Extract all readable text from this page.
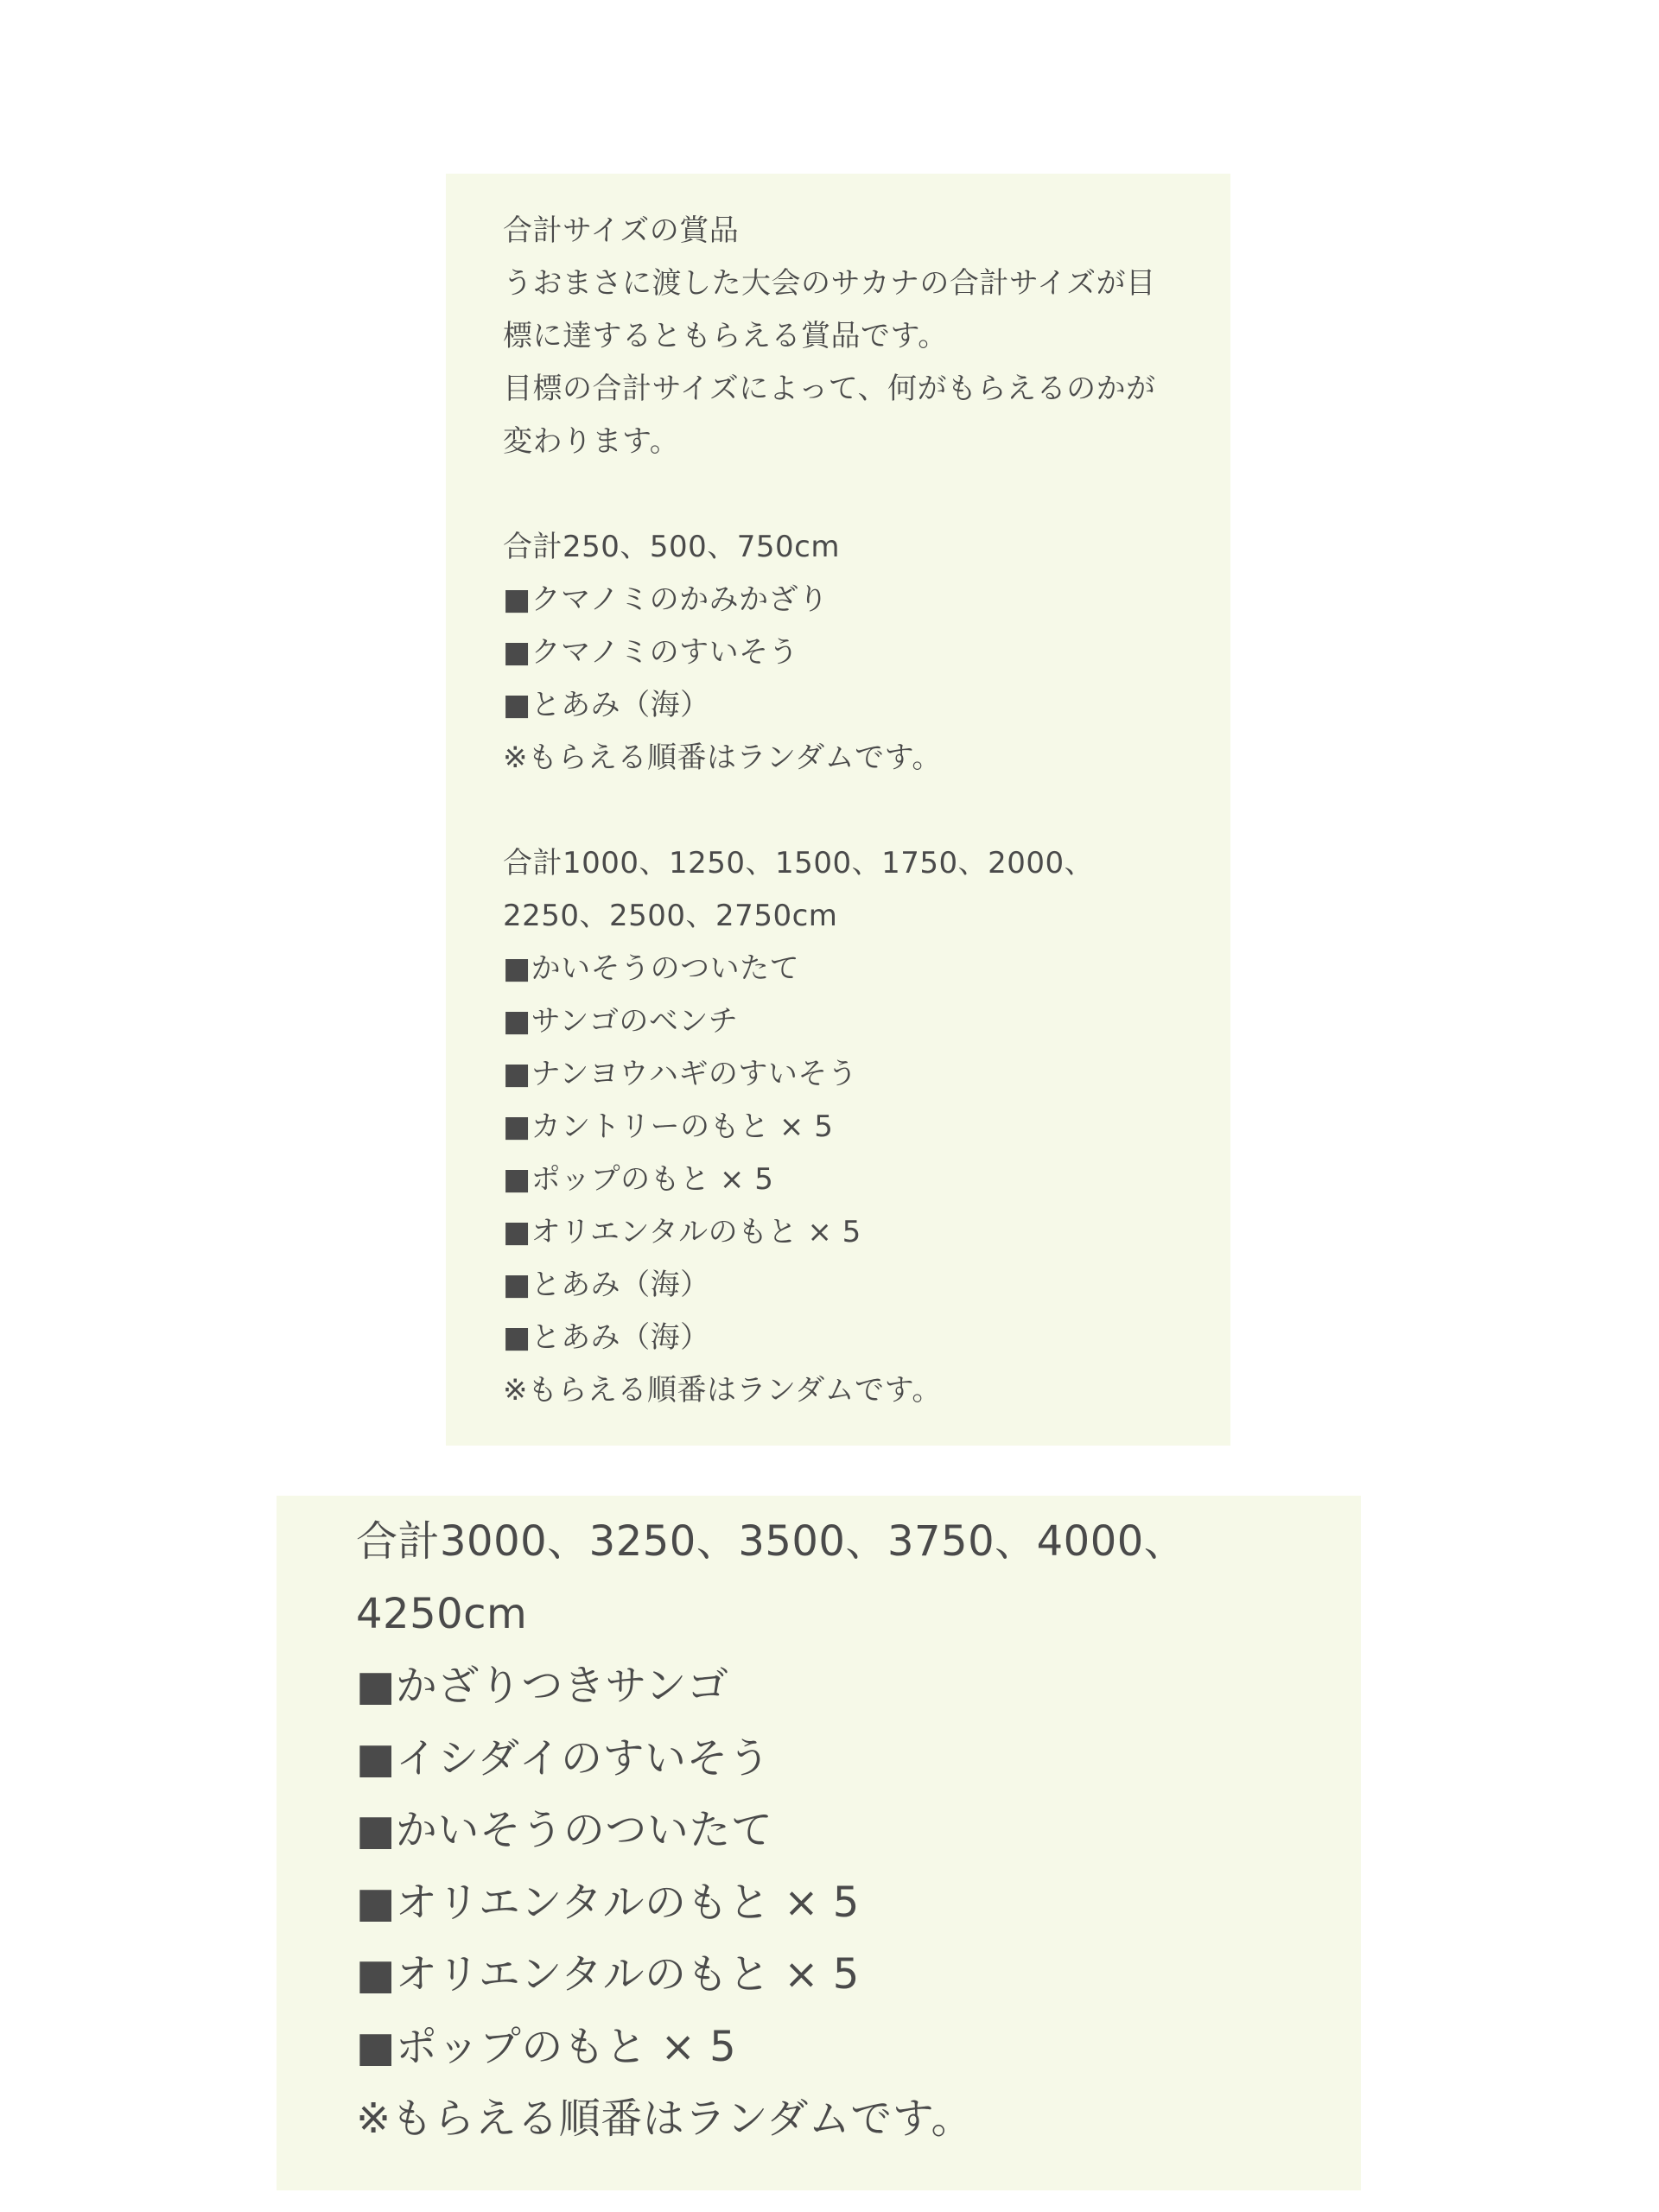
合計サイズの賞品
うおまさに渡した大会のサカナの合計サイズが目
標に達するともらえる賞品です。
目標の合計サイズによって、何がもらえるのかが
変わります。
合計250、500、750cm
■クマノミのかみかざり
■クマノミのすいそう
■とあみ（海）
※もらえる順番はランダムです。
合計1000、1250、1500、1750、2000、
2250、2500、2750cm
■かいそうのついたて
■サンゴのベンチ
■ナンヨウハギのすいそう
■カントリーのもと × 5
■ポップのもと × 5
■オリエンタルのもと × 5
■とあみ（海）
■とあみ（海）
※もらえる順番はランダムです。
合計3000、3250、3500、3750、4000、
4250cm
■かざりつきサンゴ
■イシダイのすいそう
■かいそうのついたて
■オリエンタルのもと × 5
■オリエンタルのもと × 5
■ポップのもと × 5
※もらえる順番はランダムです。
